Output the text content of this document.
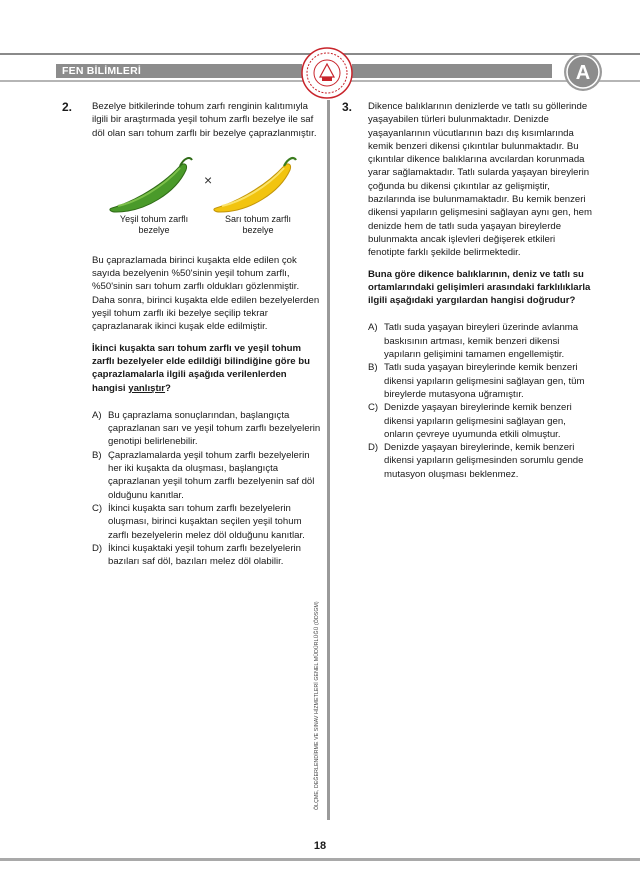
FEN BİLİMLERİ	A
ÖLÇME, DEĞERLENDİRME VE SINAV HİZMETLERİ GENEL MÜDÜRLÜĞÜ (ÖDSGM)
2. Bezelye bitkilerinde tohum zarfı renginin kalıtımıyla ilgili bir araştırmada yeşil tohum zarflı bezelye ile saf döl olan sarı tohum zarflı bir bezelye çaprazlanmıştır.

×
Yeşil tohum zarflı bezelye
Sarı tohum zarflı bezelye

Bu çaprazlamada birinci kuşakta elde edilen çok sayıda bezelyenin %50'sinin yeşil tohum zarflı, %50'sinin sarı tohum zarflı oldukları gözlenmiştir. Daha sonra, birinci kuşakta elde edilen bezelyelerden yeşil tohum zarflı iki bezelye seçilip tekrar çaprazlanarak ikinci kuşak elde edilmiştir.

İkinci kuşakta sarı tohum zarflı ve yeşil tohum zarflı bezelyeler elde edildiği bilindiğine göre bu çaprazlamalarla ilgili aşağıda verilenlerden hangisi yanlıştır?

A) Bu çaprazlama sonuçlarından, başlangıçta çaprazlanan sarı ve yeşil tohum zarflı bezelyelerin genotipi belirlenebilir.
B) Çaprazlamalarda yeşil tohum zarflı bezelyelerin her iki kuşakta da oluşması, başlangıçta çaprazlanan yeşil tohum zarflı bezelyenin saf döl olduğunu kanıtlar.
C) İkinci kuşakta sarı tohum zarflı bezelyelerin oluşması, birinci kuşaktan seçilen yeşil tohum zarflı bezelyelerin melez döl olduğunu kanıtlar.
D) İkinci kuşaktaki yeşil tohum zarflı bezelyelerin bazıları saf döl, bazıları melez döl olabilir.
3. Dikence balıklarının denizlerde ve tatlı su göllerinde yaşayabilen türleri bulunmaktadır. Denizde yaşayanlarının vücutlarının bazı dış kısımlarında kemik benzeri dikensi çıkıntılar bulunmaktadır. Bu çıkıntılar dikence balıklarına avcılardan korunmada yarar sağlamaktadır. Tatlı sularda yaşayan bireylerin çoğunda bu dikensi çıkıntılar az gelişmiştir, bazılarında ise bulunmamaktadır. Bu kemik benzeri dikensi yapıların gelişmesini sağlayan aynı gen, hem denizde hem de tatlı suda yaşayan bireylerde bulunmakta ancak işlevleri değişerek etkileri fenotipte farklı şekilde belirmektedir.

Buna göre dikence balıklarının, deniz ve tatlı su ortamlarındaki gelişimleri arasındaki farklılıklarla ilgili aşağıdaki yargılardan hangisi doğrudur?

A) Tatlı suda yaşayan bireyleri üzerinde avlanma baskısının artması, kemik benzeri dikensi yapıların gelişimini tamamen engellemiştir.
B) Tatlı suda yaşayan bireylerinde kemik benzeri dikensi yapıların gelişmesini sağlayan gen, tüm bireylerde mutasyona uğramıştır.
C) Denizde yaşayan bireylerinde kemik benzeri dikensi yapıların gelişmesini sağlayan gen, onların çevreye uyumunda etkili olmuştur.
D) Denizde yaşayan bireylerinde, kemik benzeri dikensi yapıların gelişmesinden sorumlu gende mutasyon oluşması beklenmez.
18
